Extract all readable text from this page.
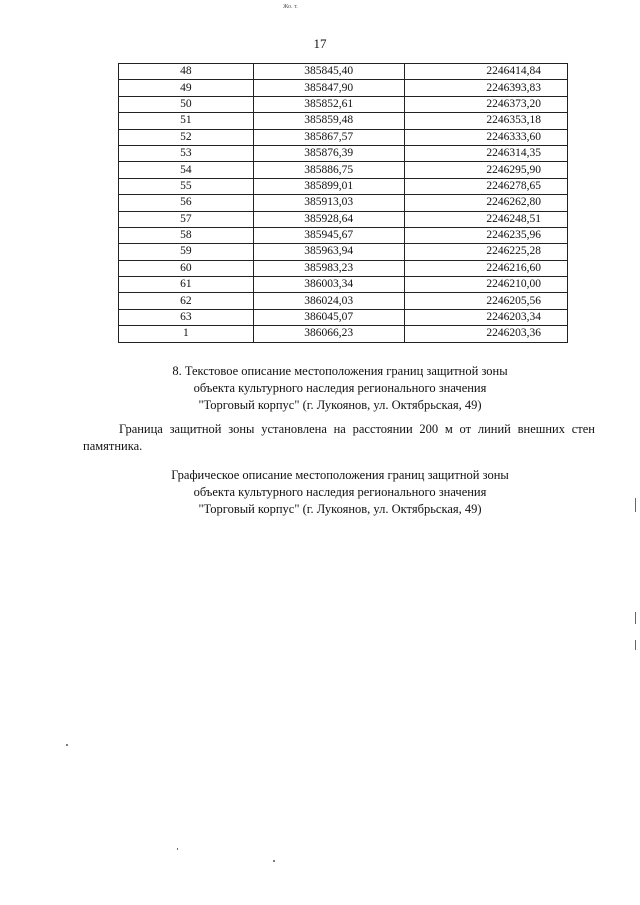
Жо. т.
17
48	385845,40	2246414,84
49	385847,90	2246393,83
50	385852,61	2246373,20
51	385859,48	2246353,18
52	385867,57	2246333,60
53	385876,39	2246314,35
54	385886,75	2246295,90
55	385899,01	2246278,65
56	385913,03	2246262,80
57	385928,64	2246248,51
58	385945,67	2246235,96
59	385963,94	2246225,28
60	385983,23	2246216,60
61	386003,34	2246210,00
62	386024,03	2246205,56
63	386045,07	2246203,34
1	386066,23	2246203,36
8. Текстовое описание местоположения границ защитной зоны
объекта культурного наследия регионального значения
"Торговый корпус" (г. Лукоянов, ул. Октябрьская, 49)
Граница защитной зоны установлена на расстоянии 200 м от линий внешних стен памятника.
Графическое описание местоположения границ защитной зоны
объекта культурного наследия регионального значения
"Торговый корпус" (г. Лукоянов, ул. Октябрьская, 49)
